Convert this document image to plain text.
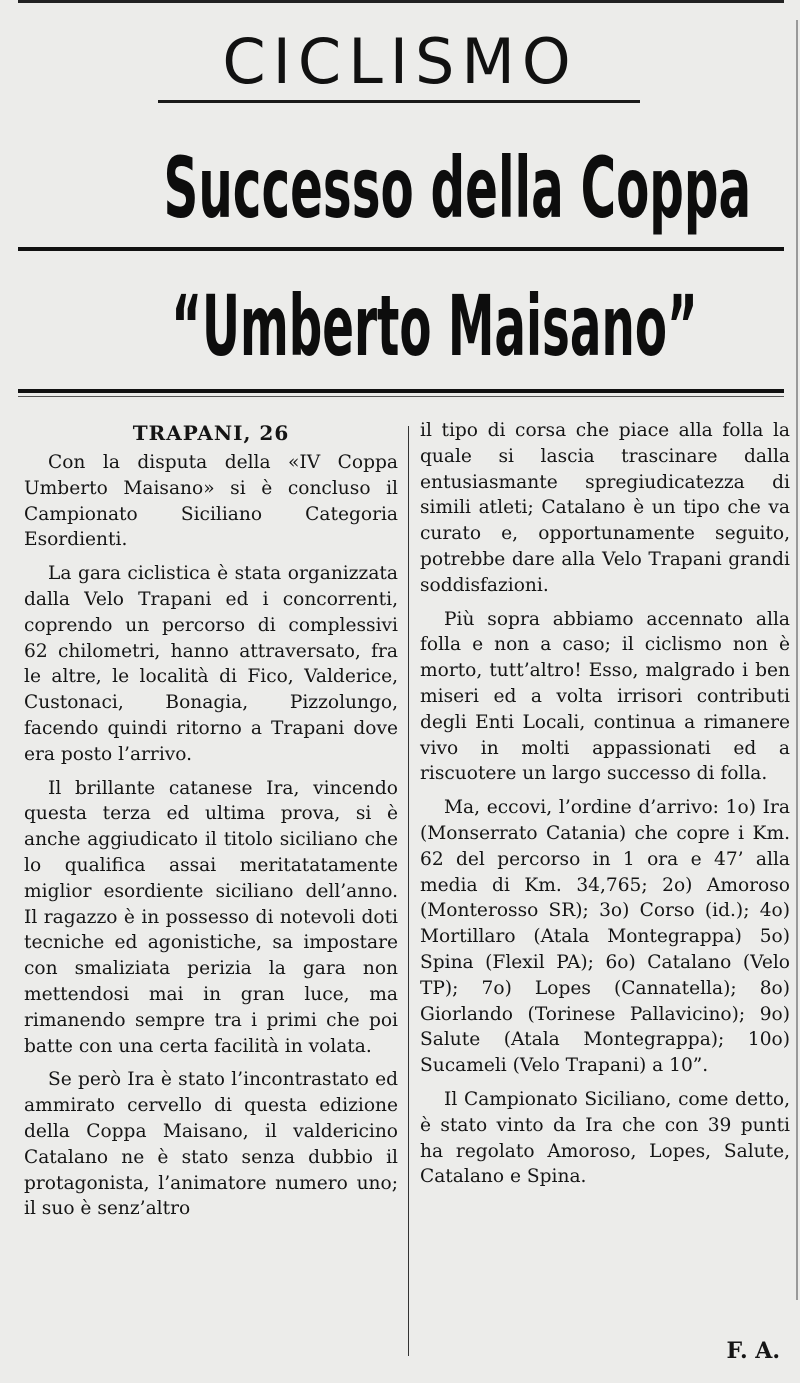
CICLISMO
Successo della Coppa
“Umberto Maisano”
TRAPANI, 26

Con la disputa della «IV Coppa Umberto Maisano» si è concluso il Campionato Siciliano Categoria Esordienti.

La gara ciclistica è stata organizzata dalla Velo Trapani ed i concorrenti, coprendo un percorso di complessivi 62 chilometri, hanno attraversato, fra le altre, le località di Fico, Valderice, Custonaci, Bonagia, Pizzolungo, facendo quindi ritorno a Trapani dove era posto l’arrivo.

Il brillante catanese Ira, vincendo questa terza ed ultima prova, si è anche aggiudicato il titolo siciliano che lo qualifica assai meritatatamente miglior esordiente siciliano dell’anno. Il ragazzo è in possesso di notevoli doti tecniche ed agonistiche, sa impostare con smaliziata perizia la gara non mettendosi mai in gran luce, ma rimanendo sempre tra i primi che poi batte con una certa facilità in volata.

Se però Ira è stato l’incontrastato ed ammirato cervello di questa edizione della Coppa Maisano, il valdericino Catalano ne è stato senza dubbio il protagonista, l’animatore numero uno; il suo è senz’altro

il tipo di corsa che piace alla folla la quale si lascia trascinare dalla entusiasmante spregiudicatezza di simili atleti; Catalano è un tipo che va curato e, opportunamente seguito, potrebbe dare alla Velo Trapani grandi soddisfazioni.

Più sopra abbiamo accennato alla folla e non a caso; il ciclismo non è morto, tutt’altro! Esso, malgrado i ben miseri ed a volta irrisori contributi degli Enti Locali, continua a rimanere vivo in molti appassionati ed a riscuotere un largo successo di folla.

Ma, eccovi, l’ordine d’arrivo: 1o) Ira (Monserrato Catania) che copre i Km. 62 del percorso in 1 ora e 47’ alla media di Km. 34,765; 2o) Amoroso (Monterosso SR); 3o) Corso (id.); 4o) Mortillaro (Atala Montegrappa) 5o) Spina (Flexil PA); 6o) Catalano (Velo TP); 7o) Lopes (Cannatella); 8o) Giorlando (Torinese Pallavicino); 9o) Salute (Atala Montegrappa); 10o) Sucameli (Velo Trapani) a 10”.

Il Campionato Siciliano, come detto, è stato vinto da Ira che con 39 punti ha regolato Amoroso, Lopes, Salute, Catalano e Spina.

F. A.
